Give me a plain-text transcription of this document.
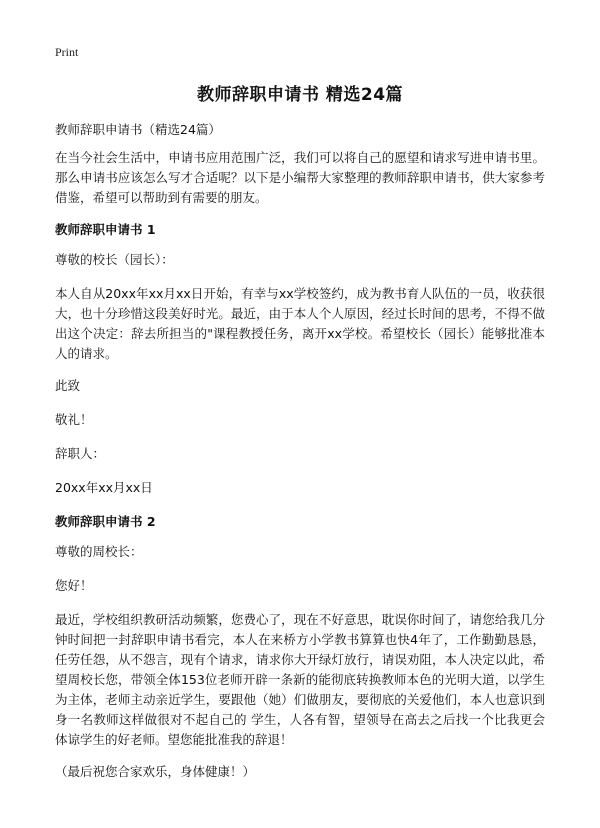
Print
教师辞职申请书 精选24篇

教师辞职申请书（精选24篇）

在当今社会生活中，申请书应用范围广泛，我们可以将自己的愿望和请求写进申请书里。那么申请书应该怎么写才合适呢？以下是小编帮大家整理的教师辞职申请书，供大家参考借鉴，希望可以帮助到有需要的朋友。

教师辞职申请书 1

尊敬的校长（园长）：

本人自从20xx年xx月xx日开始，有幸与xx学校签约，成为教书育人队伍的一员，收获很大，也十分珍惜这段美好时光。最近，由于本人个人原因，经过长时间的思考，不得不做出这个决定：辞去所担当的"课程教授任务，离开xx学校。希望校长（园长）能够批准本人的请求。

此致

敬礼！

辞职人：

20xx年xx月xx日

教师辞职申请书 2

尊敬的周校长：

您好！

最近，学校组织教研活动频繁，您费心了，现在不好意思，耽误你时间了，请您给我几分钟时间把一封辞职申请书看完，本人在来桥方小学教书算算也快4年了，工作勤勤恳恳，任劳任怨，从不怨言，现有个请求，请求你大开绿灯放行，请误劝阻，本人决定以此，希望周校长您，带领全体153位老师开辟一条新的能彻底转换教师本色的光明大道，以学生为主体，老师主动亲近学生，要跟他（她）们做朋友，要彻底的关爱他们，本人也意识到身一名教师这样做很对不起自己的 学生，人各有智，望领导在高去之后找一个比我更会体谅学生的好老师。望您能批准我的辞退！

（最后祝您合家欢乐，身体健康！）
